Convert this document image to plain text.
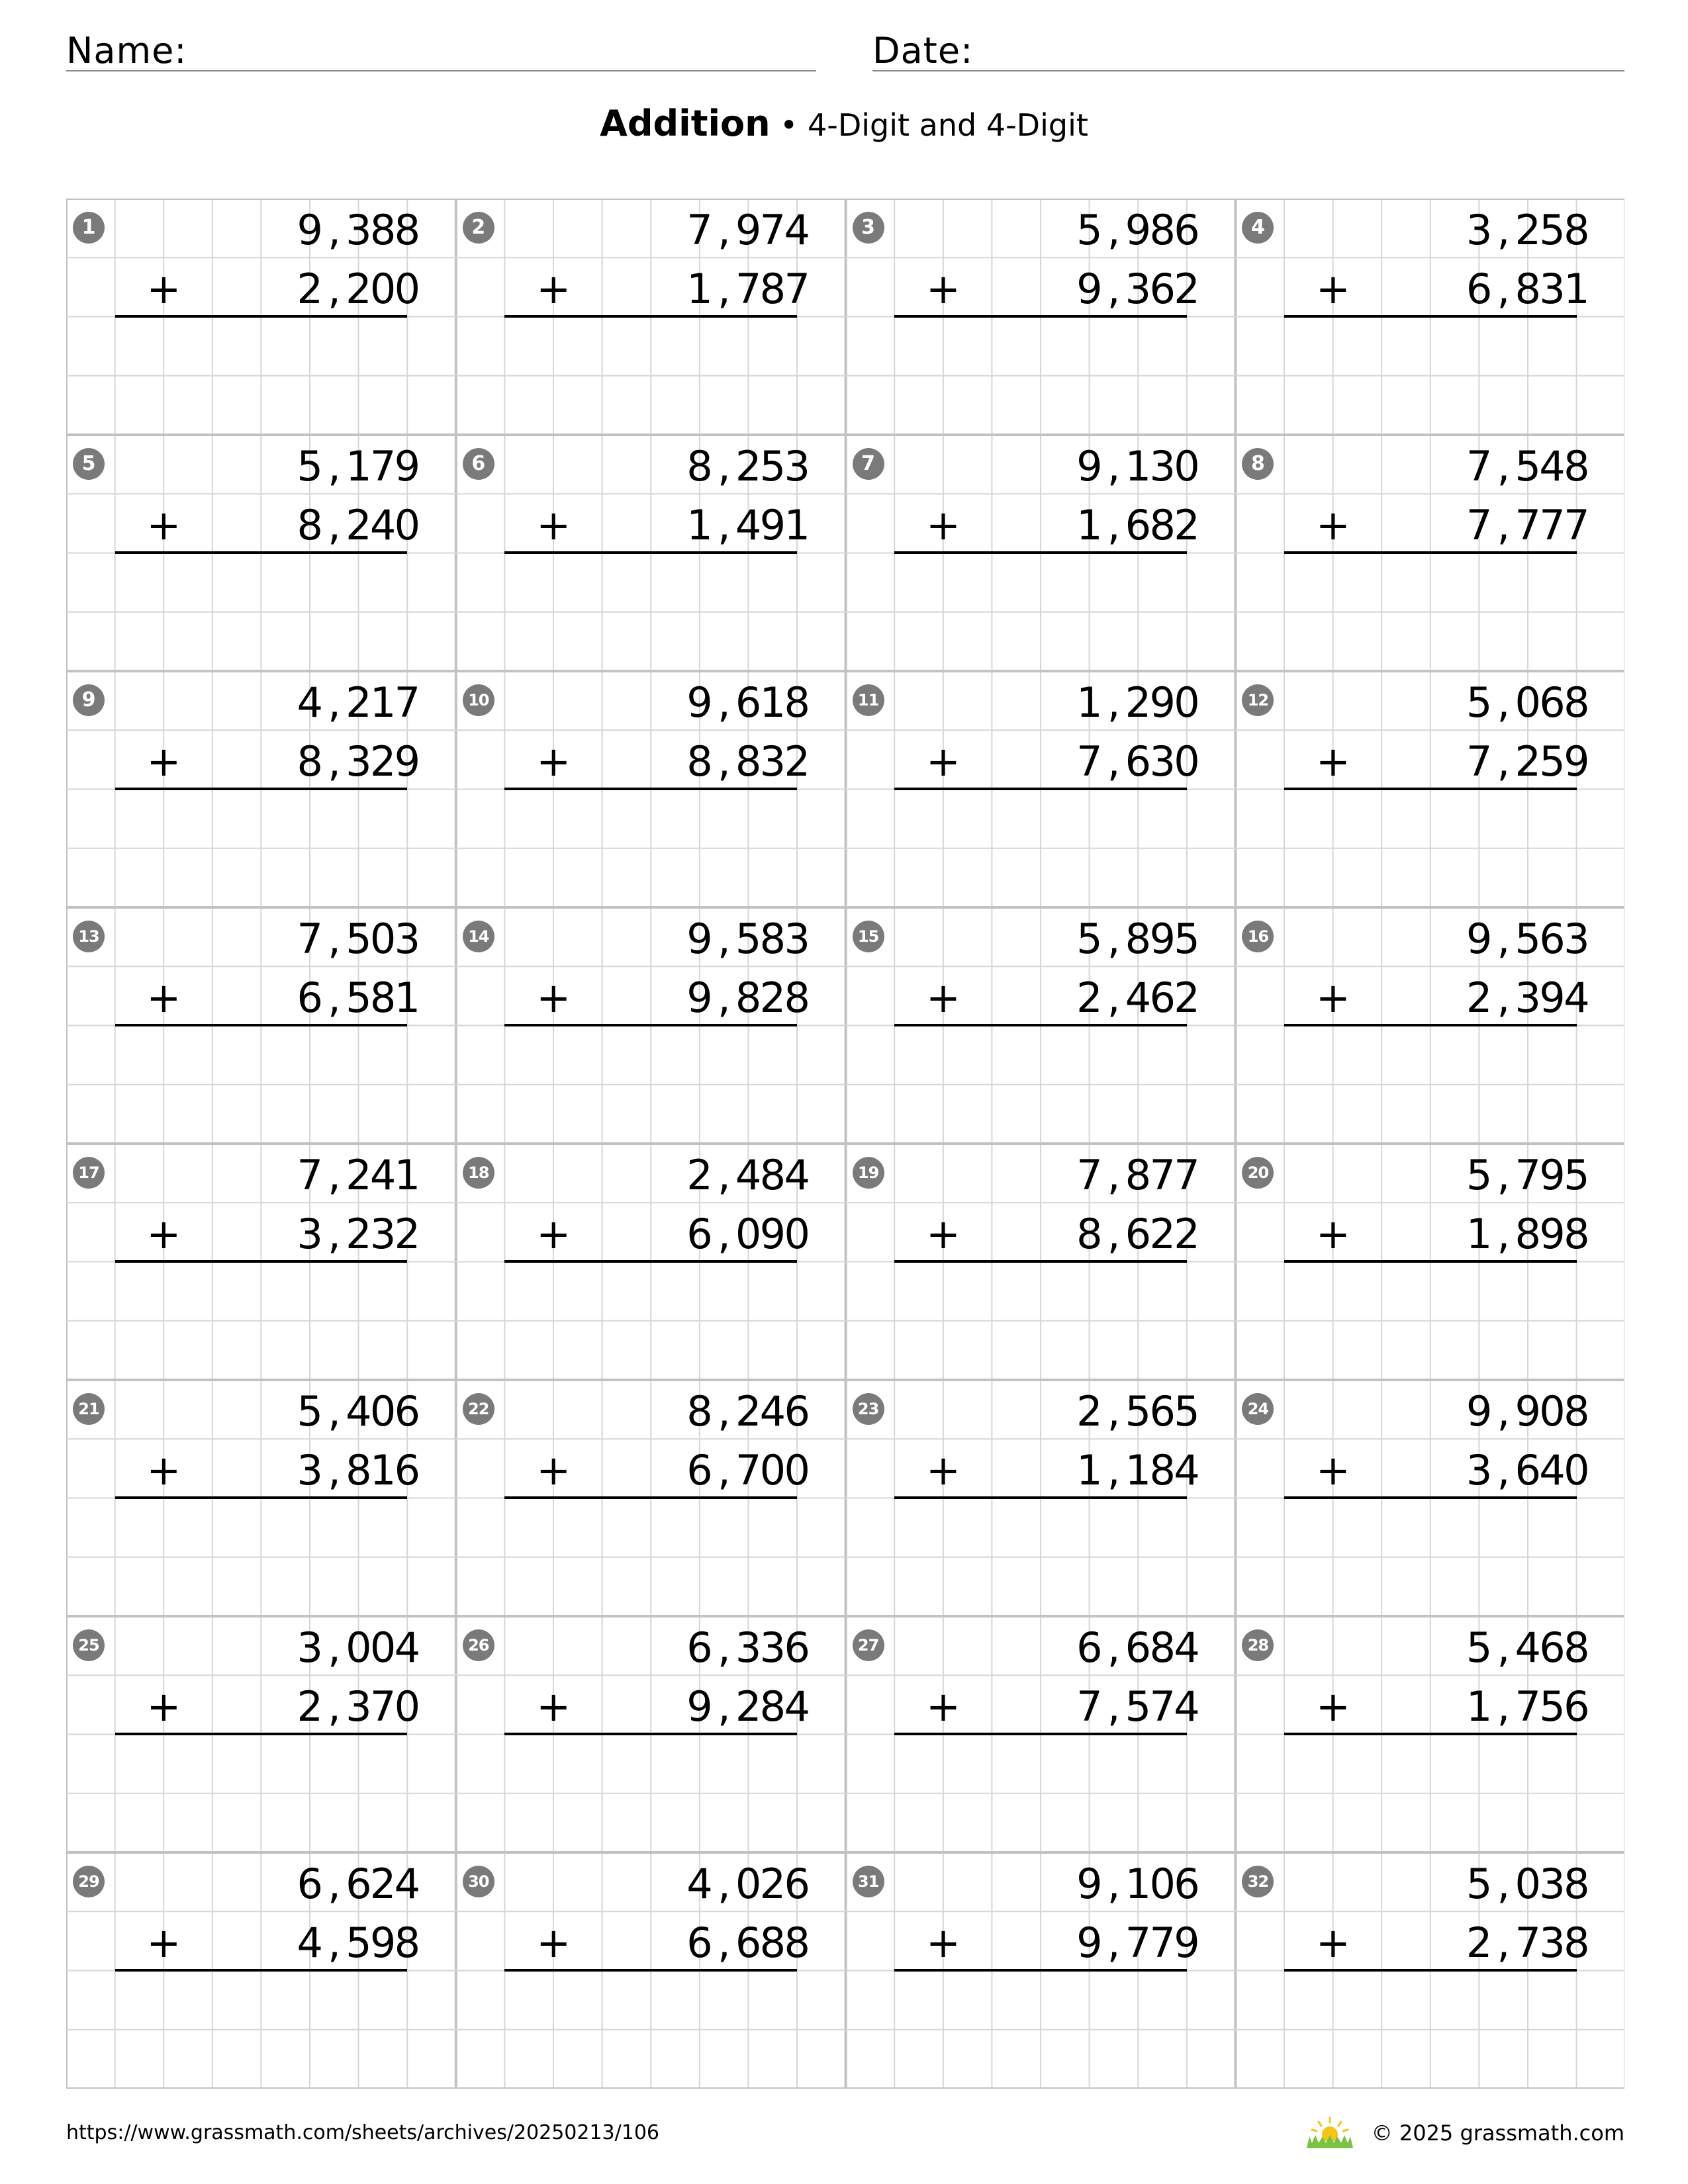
Name:	Date:
Addition • 4-Digit and 4-Digit
1	9 , 3
8
8
2 , 2
0
0
+
2	7 , 9
7
4
1 , 7
8
7
+
3	5 , 9
8
6
9 , 3
6
2
+
4	3 , 2
5
8
6 , 8
3
1
+
5	5 , 1
7
9
8 , 2
4
0
+
6	8 , 2
5
3
1 , 4
9
1
+
7	9 , 1
3
0
1 , 6
8
2
+
8	7 , 5
4
8
7 , 7
7
7
+
9	4 , 2
1
7
8 , 3
2
9
+
10	9 , 6
1
8
8 , 8
3
2
+
11	1 , 2
9
0
7 , 6
3
0
+
12	5 , 0
6
8
7 , 2
5
9
+
13	7 , 5
0
3
6 , 5
8
1
+
14	9 , 5
8
3
9 , 8
2
8
+
15	5 , 8
9
5
2 , 4
6
2
+
16	9 , 5
6
3
2 , 3
9
4
+
17	7 , 2
4
1
3 , 2
3
2
+
18	2 , 4
8
4
6 , 0
9
0
+
19	7 , 8
7
7
8 , 6
2
2
+
20	5 , 7
9
5
1 , 8
9
8
+
21	5 , 4
0
6
3 , 8
1
6
+
22	8 , 2
4
6
6 , 7
0
0
+
23	2 , 5
6
5
1 , 1
8
4
+
24	9 , 9
0
8
3 , 6
4
0
+
25	3 , 0
0
4
2 , 3
7
0
+
26	6 , 3
3
6
9 , 2
8
4
+
27	6 , 6
8
4
7 , 5
7
4
+
28	5 , 4
6
8
1 , 7
5
6
+
29	6 , 6
2
4
4 , 5
9
8
+
30	4 , 0
2
6
6 , 6
8
8
+
31	9 , 1
0
6
9 , 7
7
9
+
32	5 , 0
3
8
2 , 7
3
8
+
https://www.grassmath.com/sheets/archives/20250213/106	© 2025 grassmath.com
